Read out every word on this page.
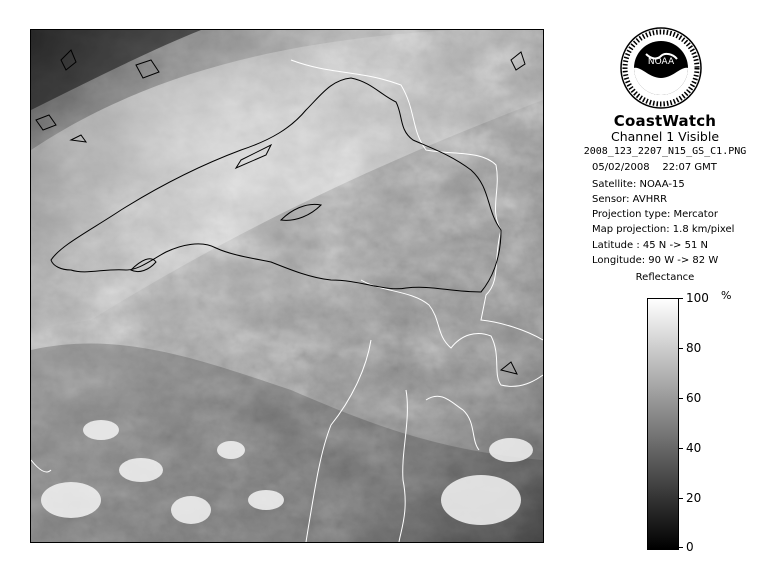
NOAA
CoastWatch
Channel 1 Visible
2008_123_2207_N15_GS_C1.PNG
05/02/2008 22:07 GMT
Satellite: NOAA-15
Sensor: AVHRR
Projection type: Mercator
Map projection: 1.8 km/pixel
Latitude : 45 N -> 51 N
Longitude: 90 W -> 82 W
Reflectance
%
100
80
60
40
20
0
